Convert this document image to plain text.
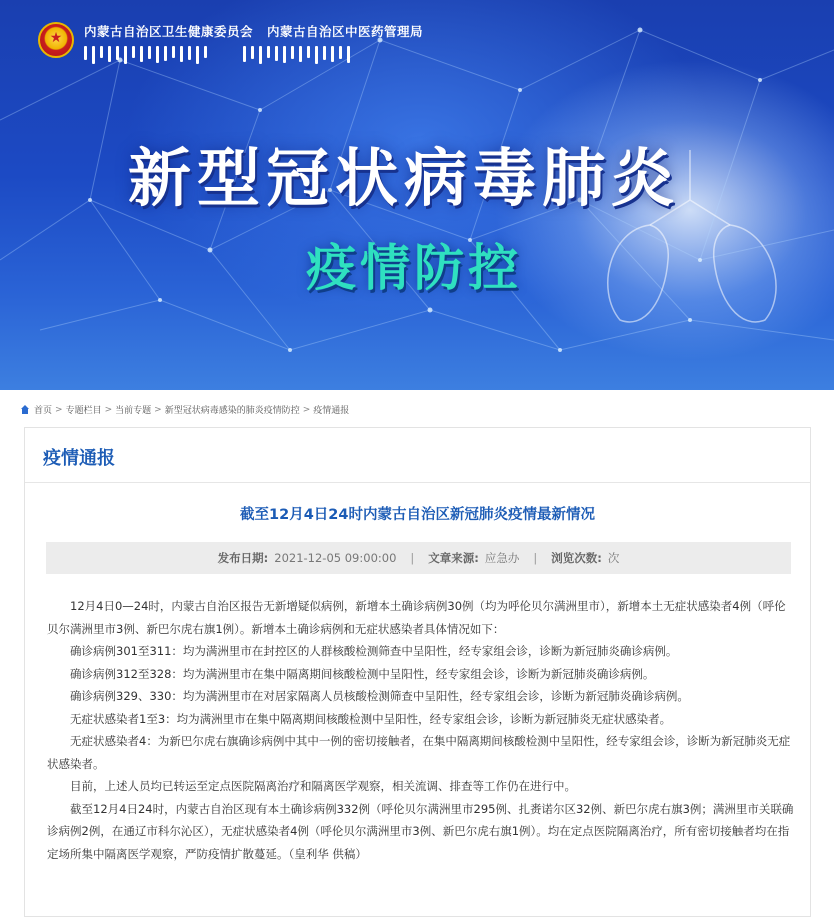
★
内蒙古自治区卫生健康委员会 内蒙古自治区中医药管理局
新型冠状病毒肺炎
疫情防控
首页 > 专题栏目 > 当前专题 > 新型冠状病毒感染的肺炎疫情防控 > 疫情通报
疫情通报
截至12月4日24时内蒙古自治区新冠肺炎疫情最新情况
发布日期: 2021-12-05 09:00:00 | 文章来源: 应急办 | 浏览次数: 次

12月4日0—24时，内蒙古自治区报告无新增疑似病例，新增本土确诊病例30例（均为呼伦贝尔满洲里市），新增本土无症状感染者4例（呼伦贝尔满洲里市3例、新巴尔虎右旗1例）。新增本土确诊病例和无症状感染者具体情况如下：

确诊病例301至311：均为满洲里市在封控区的人群核酸检测筛查中呈阳性，经专家组会诊，诊断为新冠肺炎确诊病例。

确诊病例312至328：均为满洲里市在集中隔离期间核酸检测中呈阳性，经专家组会诊，诊断为新冠肺炎确诊病例。

确诊病例329、330：均为满洲里市在对居家隔离人员核酸检测筛查中呈阳性，经专家组会诊，诊断为新冠肺炎确诊病例。

无症状感染者1至3：均为满洲里市在集中隔离期间核酸检测中呈阳性，经专家组会诊，诊断为新冠肺炎无症状感染者。

无症状感染者4：为新巴尔虎右旗确诊病例中其中一例的密切接触者，在集中隔离期间核酸检测中呈阳性，经专家组会诊，诊断为新冠肺炎无症状感染者。

目前，上述人员均已转运至定点医院隔离治疗和隔离医学观察，相关流调、排查等工作仍在进行中。

截至12月4日24时，内蒙古自治区现有本土确诊病例332例（呼伦贝尔满洲里市295例、扎赉诺尔区32例、新巴尔虎右旗3例；满洲里市关联确诊病例2例，在通辽市科尔沁区），无症状感染者4例（呼伦贝尔满洲里市3例、新巴尔虎右旗1例）。均在定点医院隔离治疗，所有密切接触者均在指定场所集中隔离医学观察，严防疫情扩散蔓延。（皇利华 供稿）
